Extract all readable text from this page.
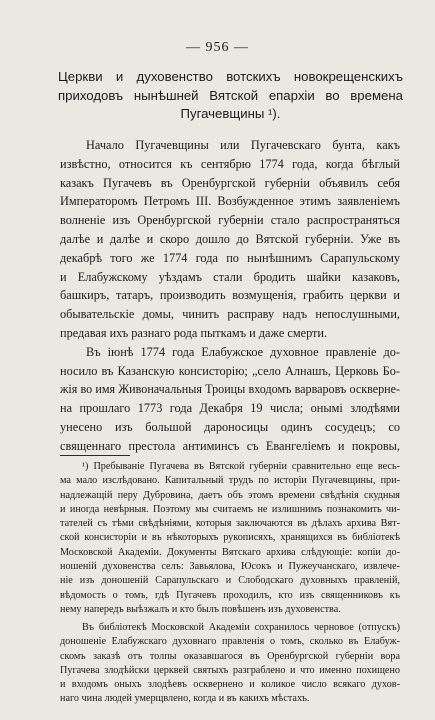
— 956 —
Церкви и духовенство вотскихъ новокрещенскихъ приходовъ нынѣшней Вятской епархіи во времена Пугачевщины ¹).
Начало Пугачевщины или Пугачевскаго бунта, какъ
извѣстно, относится къ сентябрю 1774 года, когда бѣглый
казакъ Пугачевъ въ Оренбургской губерніи объявилъ себя
Императоромъ Петромъ III. Возбужденное этимъ заявленіемъ
волненіе изъ Оренбургской губерніи стало распространяться
далѣе и далѣе и скоро дошло до Вятской губерніи. Уже въ
декабрѣ того же 1774 года по нынѣшнимъ Сарапульскому
и Елабужскому уѣздамъ стали бродить шайки казаковъ,
башкиръ, татаръ, производить возмущенія, грабить церкви и
обывательскіе домы, чинить расправу надъ непослушными,
предавая ихъ разнаго рода пыткамъ и даже смерти.
Въ іюнѣ 1774 года Елабужское духовное правленіе до-
носило въ Казанскую консисторію; „село Алнашъ, Церковь Бо-
жія во имя Живоначальныя Троицы входомъ варваровъ оскверне-
на прошлаго 1773 года Декабря 19 числа; онымі злодѣями
унесено изъ большой дароносицы одинъ сосудецъ; со
священнаго престола антиминсъ съ Евангеліемъ и покровы,
¹) Пребываніе Пугачева въ Вятской губерніи сравнительно еще весь-
ма мало изслѣдовано. Капитальный трудъ по исторіи Пугачевщины, при-
надлежащій перу Дубровина, даетъ объ этомъ времени свѣдѣнія скудныя
и иногда невѣрныя. Поэтому мы считаемъ не излишнимъ познакомить чи-
тателей съ тѣми свѣдѣніями, которыя заключаются въ дѣлахъ архива Вят-
ской консисторіи и въ нѣкоторыхъ рукописяхъ, хранящихся въ библіотекѣ
Московской Академіи. Документы Вятскаго архива слѣдующіе: копіи до-
ношеній духовенства селъ: Завьялова, Юсокъ и Пужеучанскаго, извлече-
ніе изъ доношеній Сарапульскаго и Слободскаго духовныхъ правленій,
вѣдомость о томъ, гдѣ Пугачевъ проходилъ, кто изъ священниковъ къ
нему напередъ выѣзжалъ и кто былъ повѣшенъ изъ духовенства.
Въ библіотекѣ Московской Академіи сохранилось черновое (отпускъ)
доношеніе Елабужскаго духовнаго правленія о томъ, сколько въ Елабуж-
скомъ заказѣ отъ толпы оказавшагося въ Оренбургской губерніи вора
Пугачева злодѣйски церквей святыхъ разграблено и что именно похищено
и входомъ оныхъ злодѣевъ осквернено и коликое число всякаго духов-
наго чина людей умерщвлено, когда и въ какихъ мѣстахъ.
